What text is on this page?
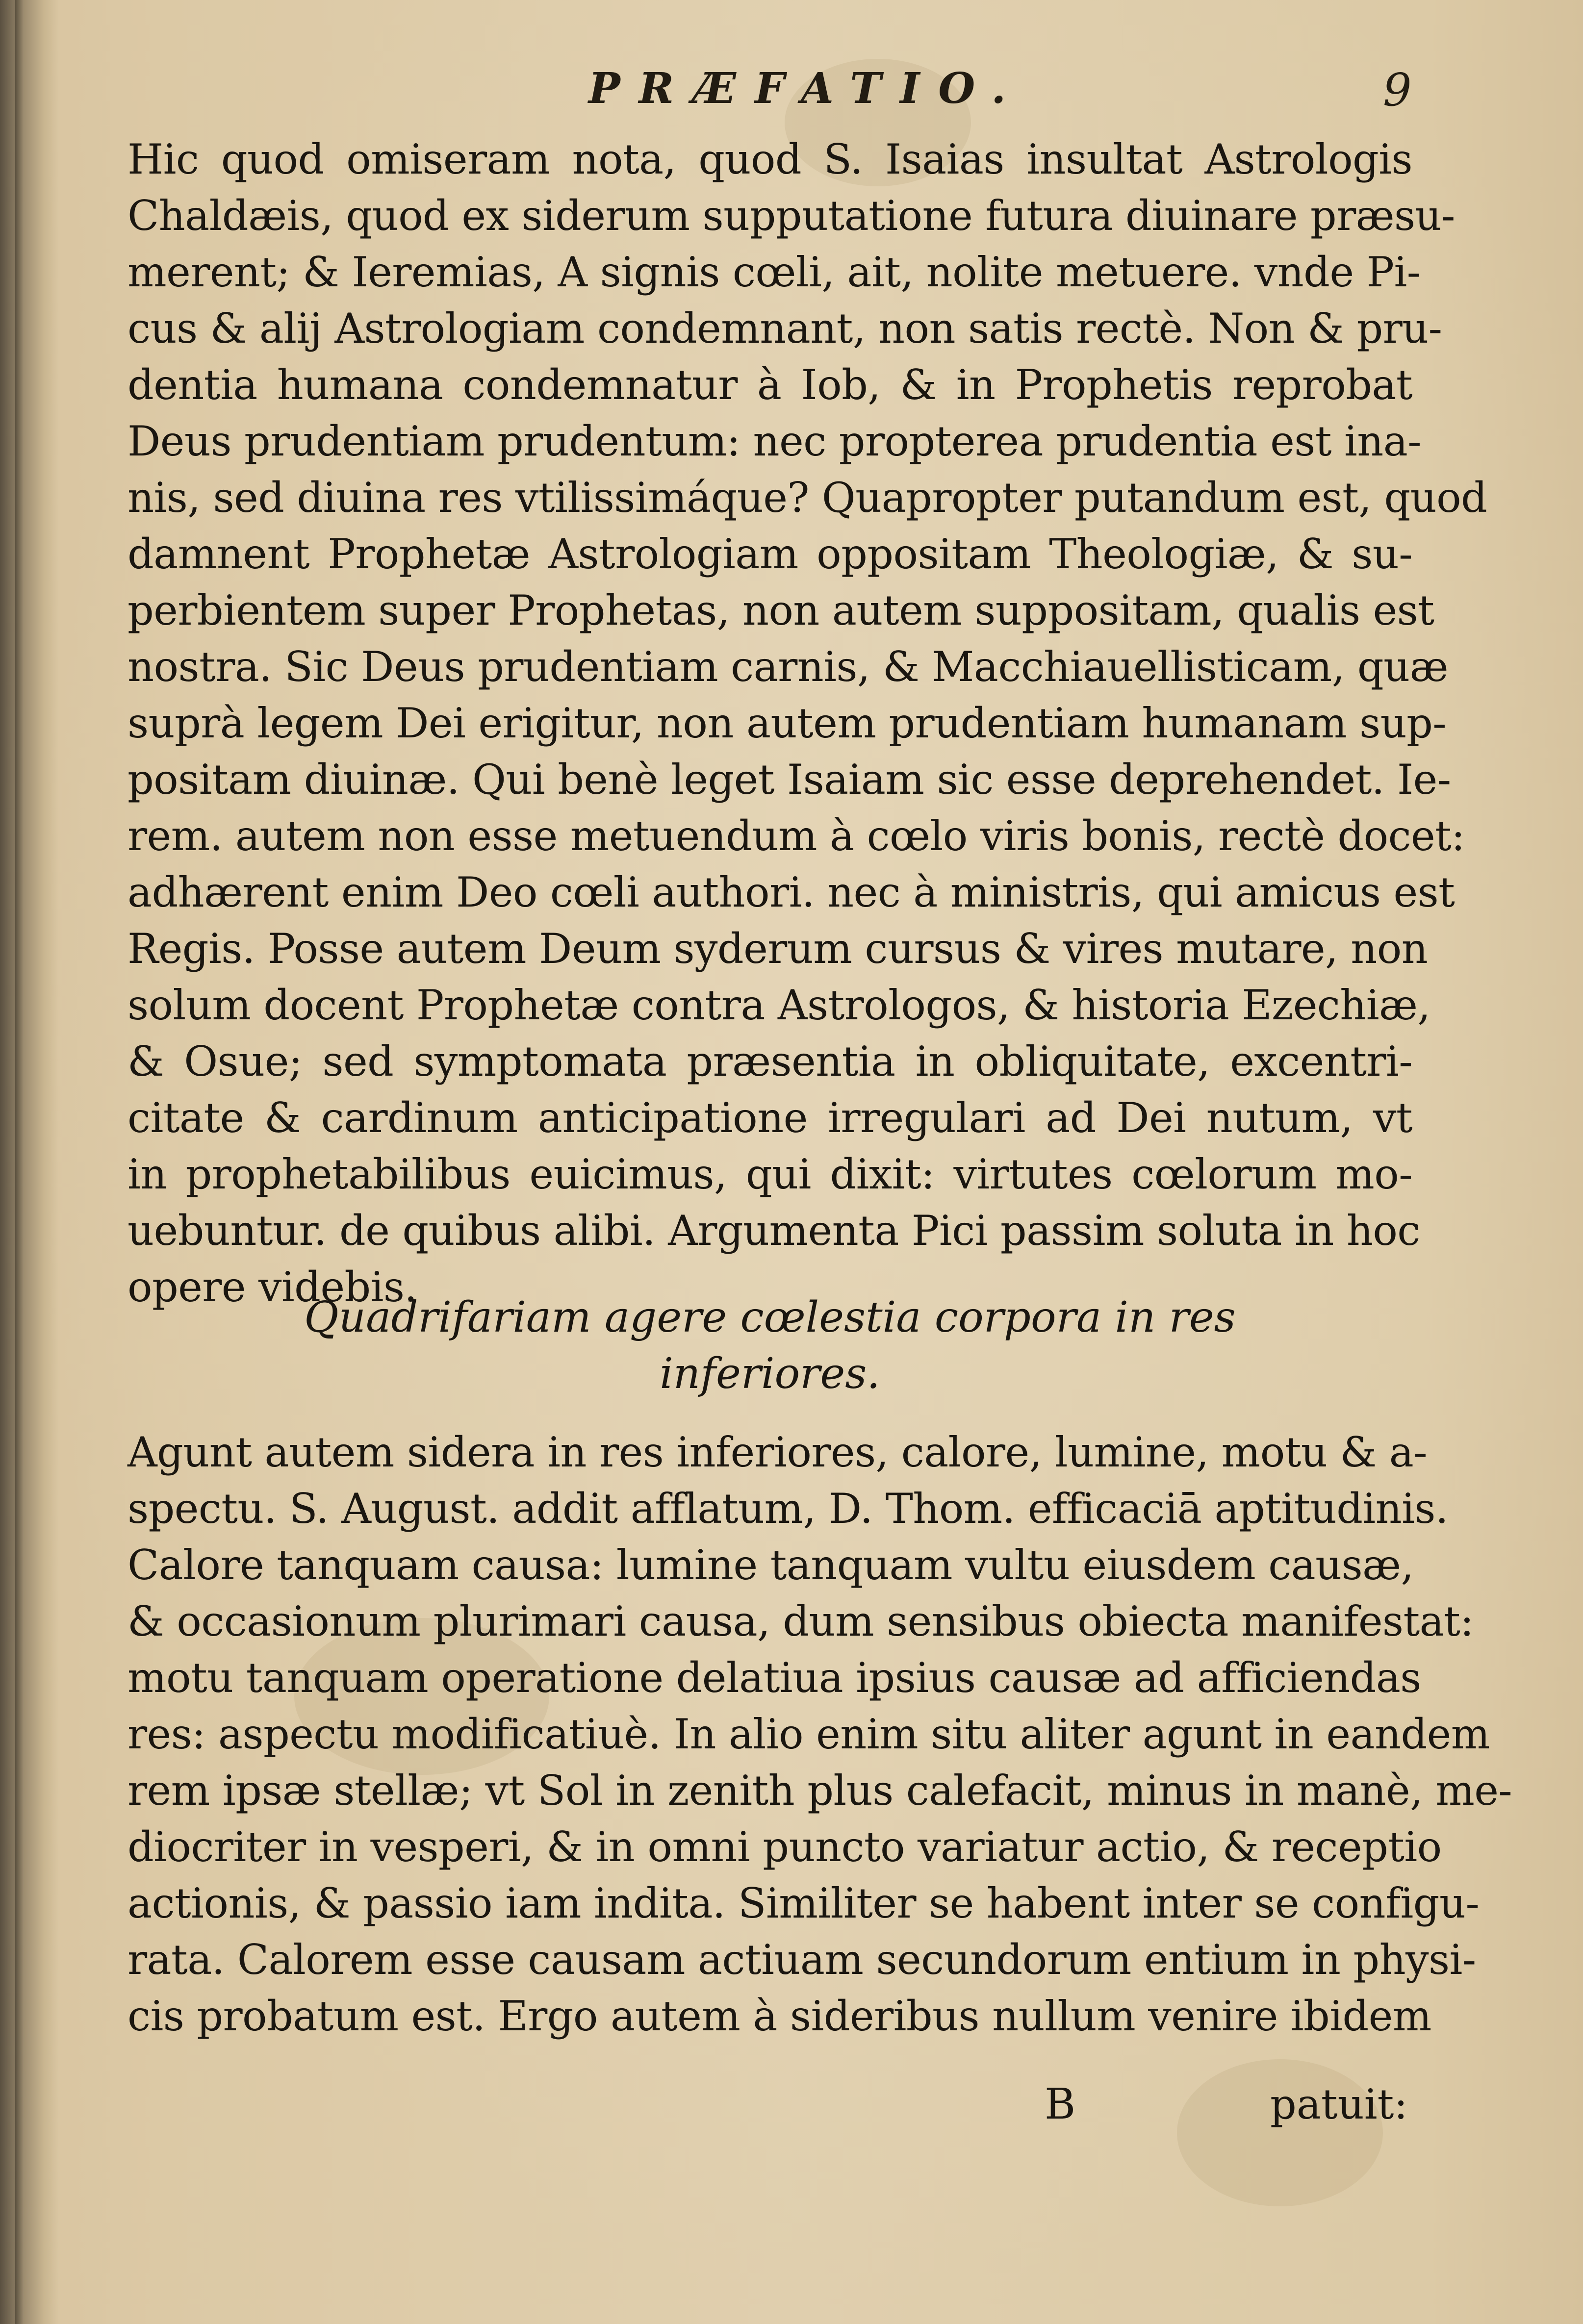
PRÆFATIO.	9
Hic quod omiseram nota, quod S. Isaias insultat Astrologis
Chaldæis, quod ex siderum supputatione futura diuinare præsu-
merent; & Ieremias, A signis cœli, ait, nolite metuere. vnde Pi-
cus & alij Astrologiam condemnant, non satis rectè. Non & pru-
dentia humana condemnatur à Iob, & in Prophetis reprobat
Deus prudentiam prudentum: nec propterea prudentia est ina-
nis, sed diuina res vtilissimáque? Quapropter putandum est, quod
damnent Prophetæ Astrologiam oppositam Theologiæ, & su-
perbientem super Prophetas, non autem suppositam, qualis est
nostra. Sic Deus prudentiam carnis, & Macchiauellisticam, quæ
suprà legem Dei erigitur, non autem prudentiam humanam sup-
positam diuinæ. Qui benè leget Isaiam sic esse deprehendet. Ie-
rem. autem non esse metuendum à cœlo viris bonis, rectè docet:
adhærent enim Deo cœli authori. nec à ministris, qui amicus est
Regis. Posse autem Deum syderum cursus & vires mutare, non
solum docent Prophetæ contra Astrologos, & historia Ezechiæ,
& Osue; sed symptomata præsentia in obliquitate, excentri-
citate & cardinum anticipatione irregulari ad Dei nutum, vt
in prophetabilibus euicimus, qui dixit: virtutes cœlorum mo-
uebuntur. de quibus alibi. Argumenta Pici passim soluta in hoc
opere videbis.
Quadrifariam agere cœlestia corpora in res
inferiores.
Agunt autem sidera in res inferiores, calore, lumine, motu & a-
spectu. S. August. addit afflatum, D. Thom. efficaciā aptitudinis.
Calore tanquam causa: lumine tanquam vultu eiusdem causæ,
& occasionum plurimari causa, dum sensibus obiecta manifestat:
motu tanquam operatione delatiua ipsius causæ ad afficiendas
res: aspectu modificatiuè. In alio enim situ aliter agunt in eandem
rem ipsæ stellæ; vt Sol in zenith plus calefacit, minus in manè, me-
diocriter in vesperi, & in omni puncto variatur actio, & receptio
actionis, & passio iam indita. Similiter se habent inter se configu-
rata. Calorem esse causam actiuam secundorum entium in physi-
cis probatum est. Ergo autem à sideribus nullum venire ibidem
B	patuit:
